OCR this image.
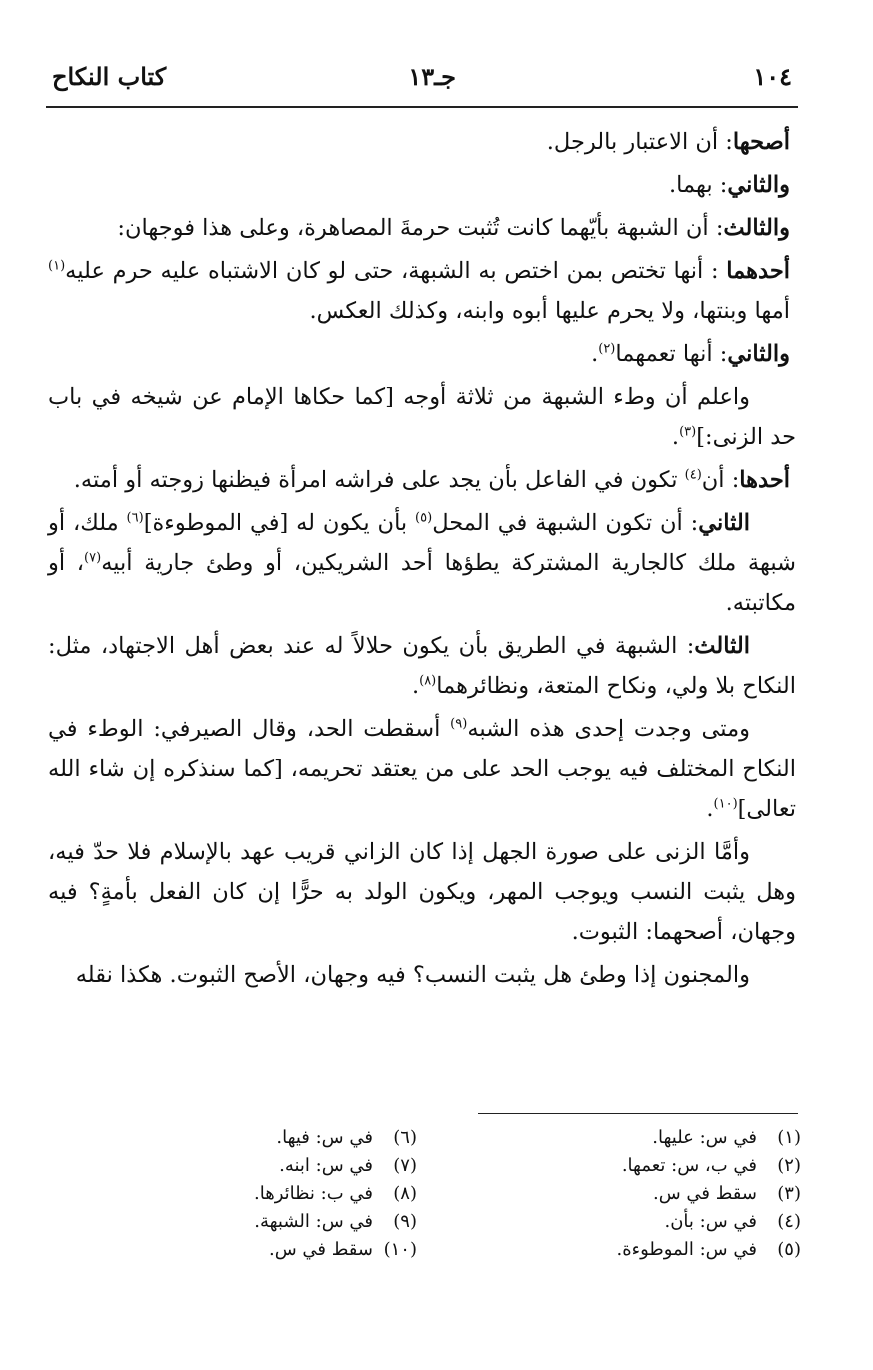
١٠٤
جـ١٣
كتاب النكاح

أصحها: أن الاعتبار بالرجل.

والثاني: بهما.

والثالث: أن الشبهة بأيّهما كانت تُثبت حرمةَ المصاهرة، وعلى هذا فوجهان:

أحدهما : أنها تختص بمن اختص به الشبهة، حتى لو كان الاشتباه عليه حرم عليه$^{(١)}$ أمها وبنتها، ولا يحرم عليها أبوه وابنه، وكذلك العكس.

والثاني: أنها تعمهما$^{(٢)}$.

واعلم أن وطء الشبهة من ثلاثة أوجه [كما حكاها الإمام عن شيخه في باب حد الزنى:]$^{(٣)}$.

أحدها: أن$^{(٤)}$ تكون في الفاعل بأن يجد على فراشه امرأة فيظنها زوجته أو أمته.

الثاني: أن تكون الشبهة في المحل$^{(٥)}$ بأن يكون له [في الموطوءة]$^{(٦)}$ ملك، أو شبهة ملك كالجارية المشتركة يطؤها أحد الشريكين، أو وطئ جارية أبيه$^{(٧)}$، أو مكاتبته.

الثالث: الشبهة في الطريق بأن يكون حلالاً له عند بعض أهل الاجتهاد، مثل: النكاح بلا ولي، ونكاح المتعة، ونظائرهما$^{(٨)}$.

ومتى وجدت إحدى هذه الشبه$^{(٩)}$ أسقطت الحد، وقال الصيرفي: الوطء في النكاح المختلف فيه يوجب الحد على من يعتقد تحريمه، [كما سنذكره إن شاء الله تعالى]$^{(١٠)}$.

وأمَّا الزنى على صورة الجهل إذا كان الزاني قريب عهد بالإسلام فلا حدّ فيه، وهل يثبت النسب ويوجب المهر، ويكون الولد به حرًّا إن كان الفعل بأمةٍ؟ فيه وجهان، أصحهما: الثبوت.

والمجنون إذا وطئ هل يثبت النسب؟ فيه وجهان، الأصح الثبوت. هكذا نقله

(١)في س: عليها.
(٢)في ب، س: تعمها.
(٣)سقط في س.
(٤)في س: بأن.
(٥)في س: الموطوءة.
(٦)في س: فيها.
(٧)في س: ابنه.
(٨)في ب: نظائرها.
(٩)في س: الشبهة.
(١٠)سقط في س.
